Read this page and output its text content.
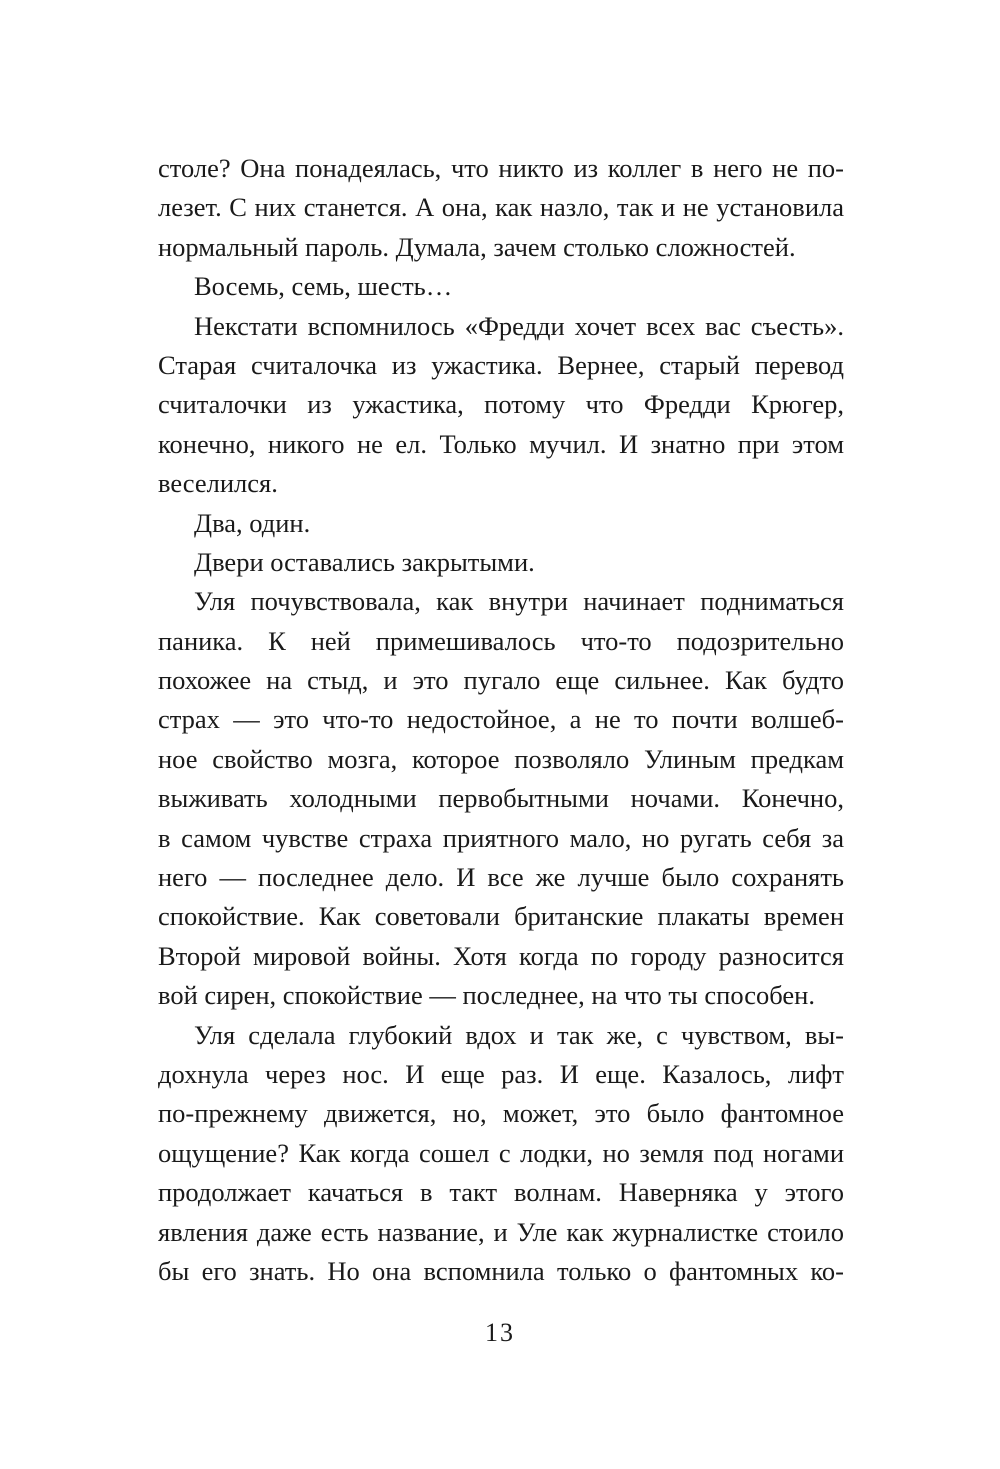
столе? Она понадеялась, что никто из коллег в него не по-
лезет. С них станется. А она, как назло, так и не установила
нормальный пароль. Думала, зачем столько сложностей.
Восемь, семь, шесть…
Некстати вспомнилось «Фредди хочет всех вас съесть».
Старая считалочка из ужастика. Вернее, старый перевод
считалочки из ужастика, потому что Фредди Крюгер,
конечно, никого не ел. Только мучил. И знатно при этом
веселился.
Два, один.
Двери оставались закрытыми.
Уля почувствовала, как внутри начинает подниматься
паника. К ней примешивалось что-то подозрительно
похожее на стыд, и это пугало еще сильнее. Как будто
страх — это что-то недостойное, а не то почти волшеб-
ное свойство мозга, которое позволяло Улиным предкам
выживать холодными первобытными ночами. Конечно,
в самом чувстве страха приятного мало, но ругать себя за
него — последнее дело. И все же лучше было сохранять
спокойствие. Как советовали британские плакаты времен
Второй мировой войны. Хотя когда по городу разносится
вой сирен, спокойствие — последнее, на что ты способен.
Уля сделала глубокий вдох и так же, с чувством, вы-
дохнула через нос. И еще раз. И еще. Казалось, лифт
по-прежнему движется, но, может, это было фантомное
ощущение? Как когда сошел с лодки, но земля под ногами
продолжает качаться в такт волнам. Наверняка у этого
явления даже есть название, и Уле как журналистке стоило
бы его знать. Но она вспомнила только о фантомных ко-
13
